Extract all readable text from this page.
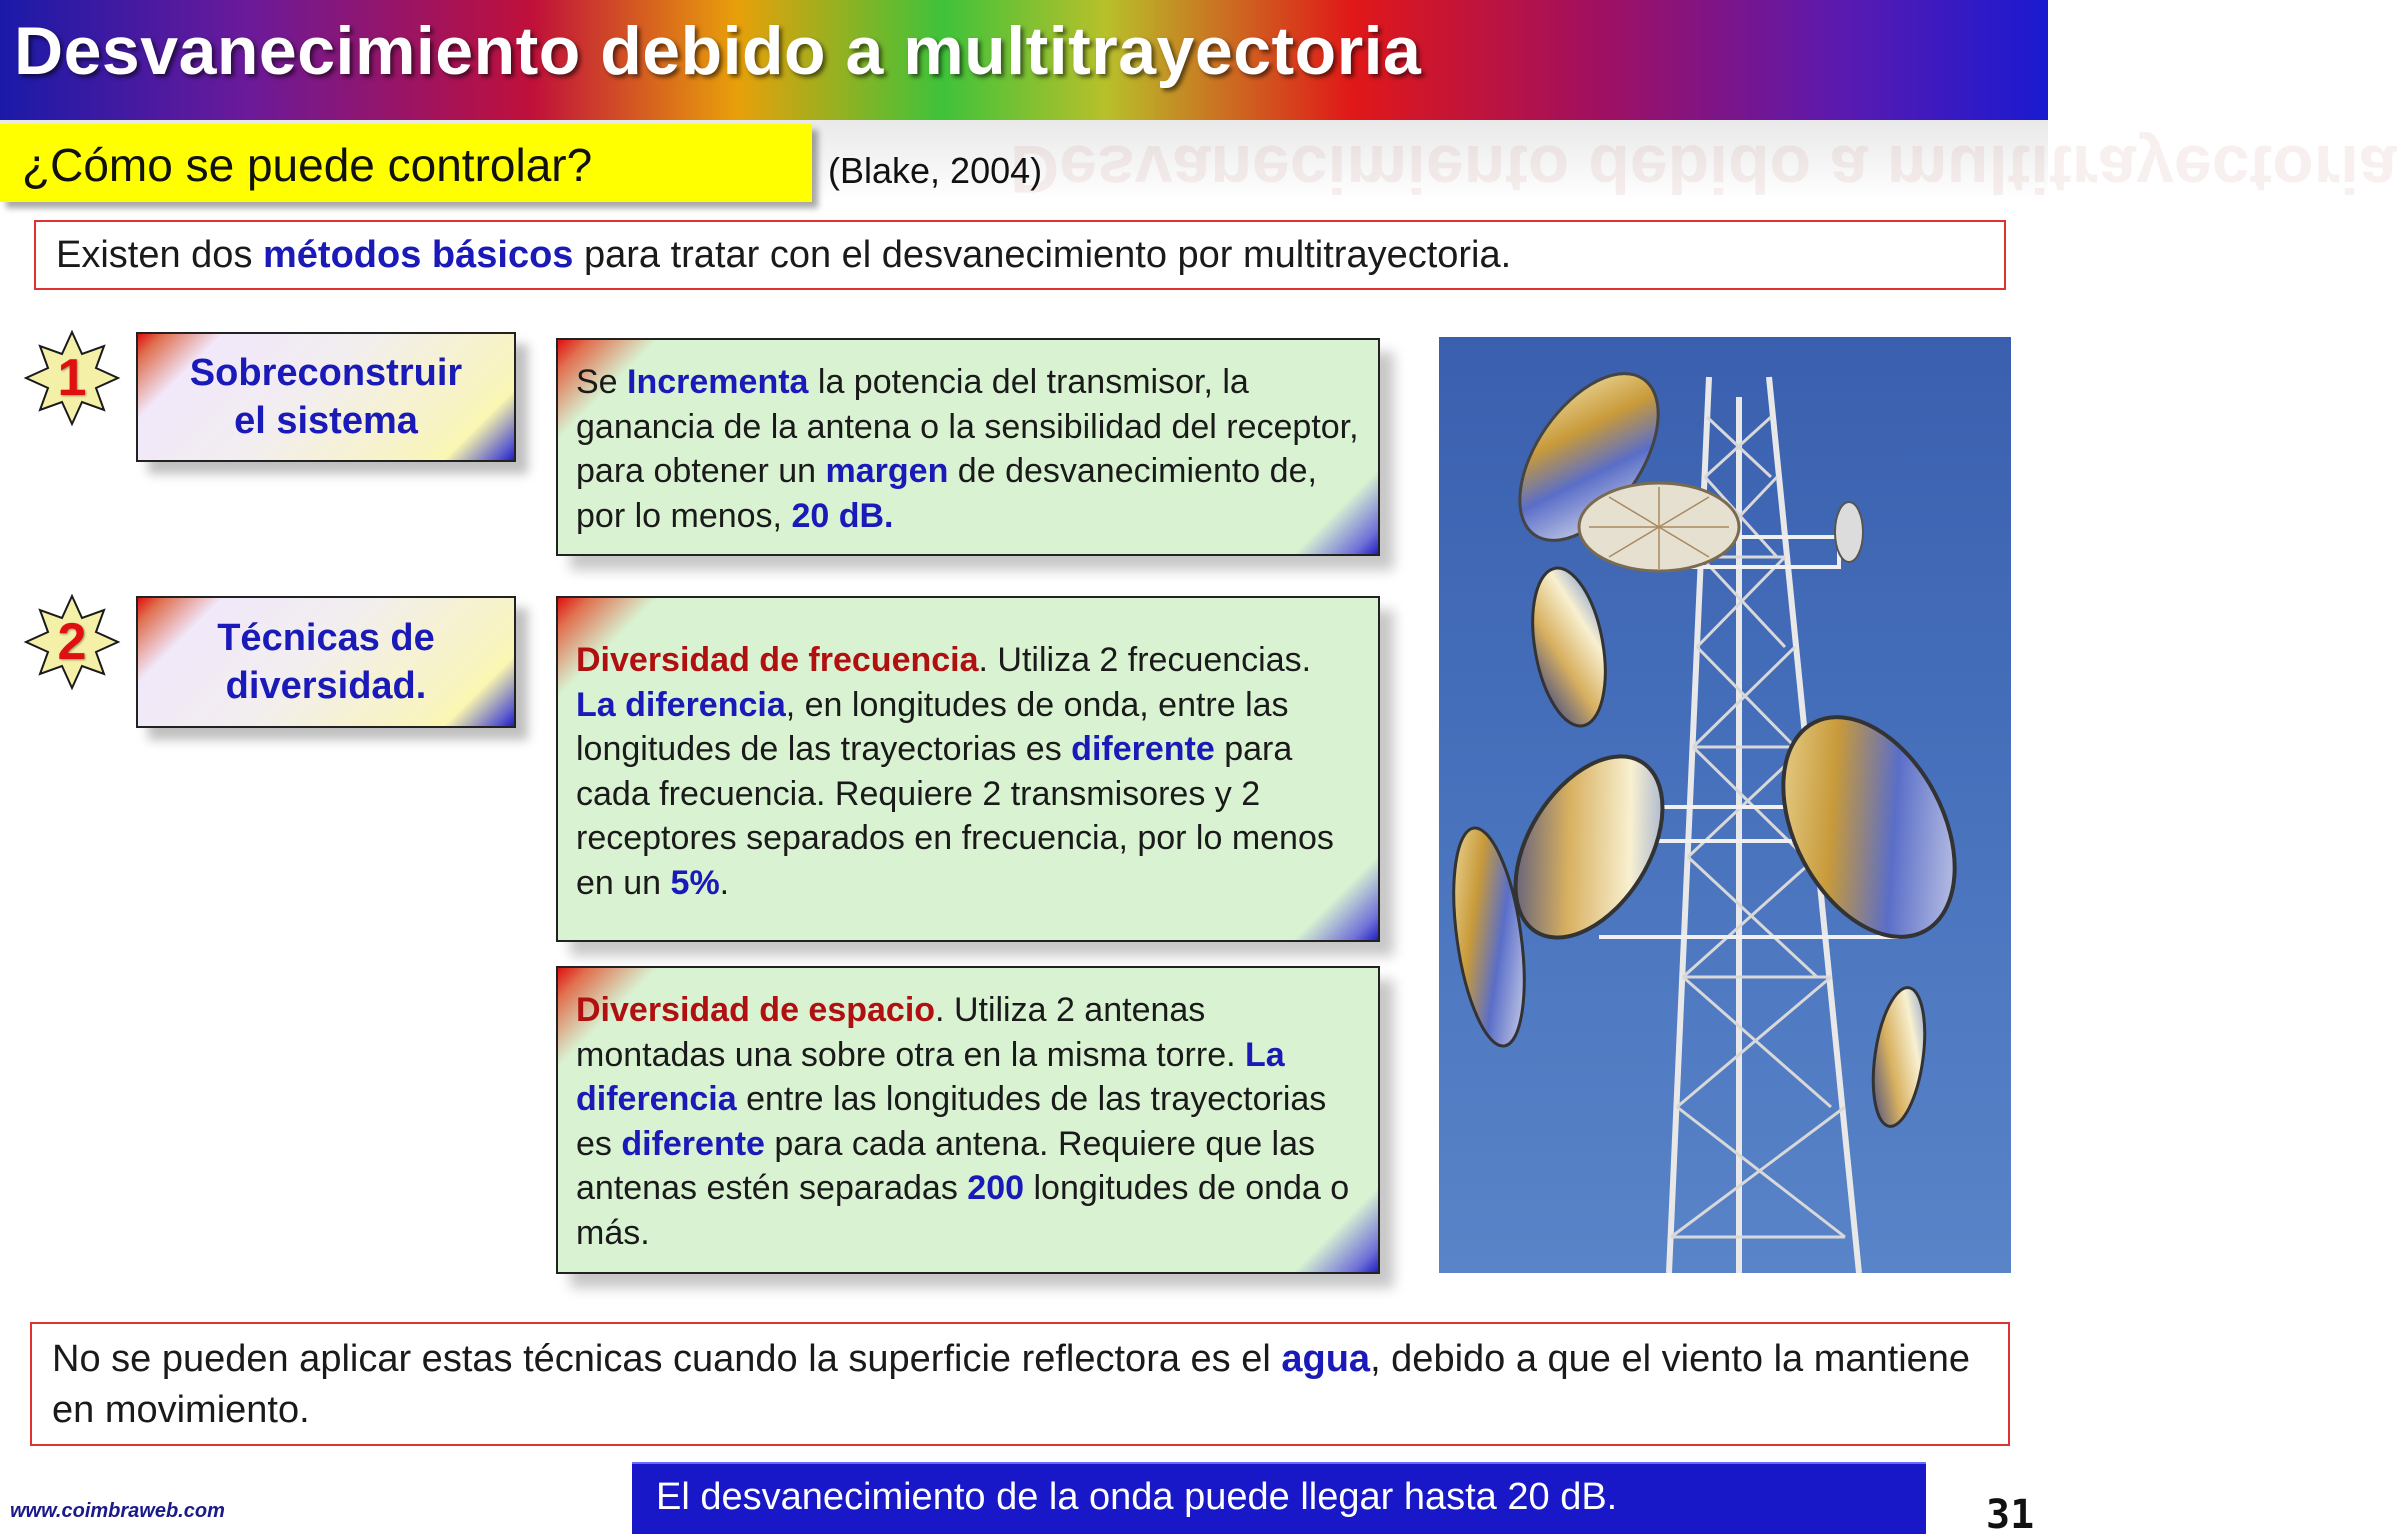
Desvanecimiento debido a multitrayectoria
Desvanecimiento debido a multitrayectoria
¿Cómo se puede controlar?	(Blake, 2004)
Existen dos métodos básicos para tratar con el desvanecimiento por multitrayectoria.
1	Sobreconstruir
el sistema
Se Incrementa la potencia del transmisor, la ganancia de la antena o la sensibilidad del receptor, para obtener un margen de desvanecimiento de, por lo menos, 20 dB.
2	Técnicas de
diversidad.
Diversidad de frecuencia. Utiliza 2 frecuencias. La diferencia, en longitudes de onda, entre las longitudes de las trayectorias es diferente para cada frecuencia. Requiere 2 transmisores y 2 receptores separados en frecuencia, por lo menos en un 5%.
Diversidad de espacio. Utiliza 2 antenas montadas una sobre otra en la misma torre. La diferencia entre las longitudes de las trayectorias es diferente para cada antena. Requiere que las antenas estén separadas 200 longitudes de onda o más.
No se pueden aplicar estas técnicas cuando la superficie reflectora es el agua, debido a que el viento la mantiene en movimiento.
El desvanecimiento de la onda puede llegar hasta 20 dB.
www.coimbraweb.com	31
